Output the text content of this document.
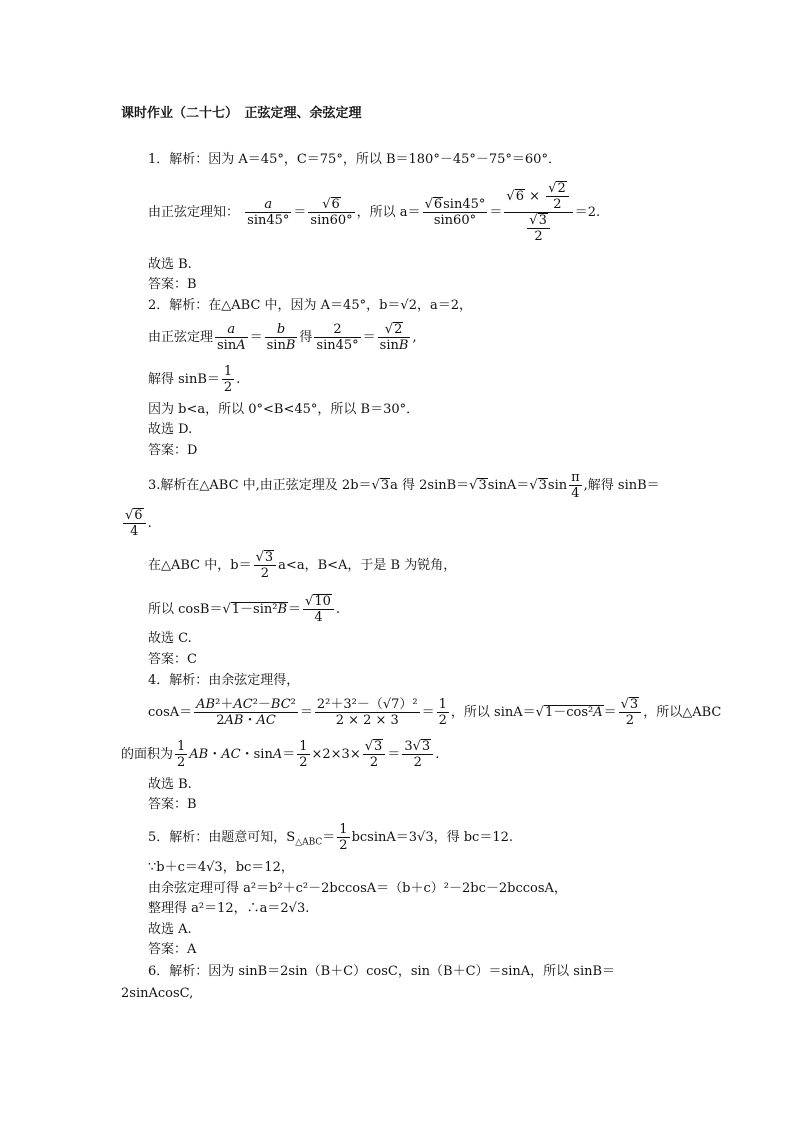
课时作业（二十七）　正弦定理、余弦定理
1．解析：因为 A＝45°，C＝75°，所以 B＝180°－45°－75°＝60°．
由正弦定理知： $\frac{a}{\sin 45^\circ} = \frac{√6}{\sin 60^\circ}$ ，所以 $a= \frac{√6\sin 45^\circ}{\sin 60^\circ} = \frac{√6 \times \frac{√2}{2}}{\frac{√3}{2}} =2$.
故选 B.
答案：B
2．解析：在△ABC 中，因为 A＝45°，b＝√2，a＝2，
由正弦定理 $\frac{a}{\sin A} = \frac{b}{\sin B}$ 得 $\frac{2}{\sin 45^\circ} = \frac{√2}{\sin B}$ ,
解得 $\sin B= \frac{1}{2}$ .
因为 b<a，所以 0°<B<45°，所以 B＝30°．
故选 D.
答案：D
3.解析在△ABC 中,由正弦定理及 2b＝√3a 得 $2\sin B=√3\sin A=√3\sin \frac{\pi}{4}$ ,解得 sinB＝
$\frac{√6}{4}$ .
在△ABC 中，$b= \frac{√3}{2} a<a$，B<A，于是 B 为锐角，
所以 $\cos B=√1-\sin^2B= \frac{√10}{4}$ .
故选 C.
答案：C
4．解析：由余弦定理得，
$\cos A= \frac{\text{AB²＋AC²－BC²}}{2AB・AC} = \frac{\text{2²＋3²－（√7）²}}{2 \times 2 \times 3} = \frac{1}{2}$ ，所以 $\sin A=√1-\cos^2A= \frac{√3}{2}$ ，所以△ABC
的面积为 $\frac{1}{2}$ AB・AC・$\sin A= \frac{1}{2} \times 2\times 3\times \frac{√3}{2} = \frac{3√3}{2}$ .
故选 B.
答案：B
5．解析：由题意可知，$S_{\triangle ABC}= \frac{1}{2} bcsinA=3√3$，得 bc＝12.
∵b＋c＝4√3，bc＝12，
由余弦定理可得 a²＝b²＋c²－2bccosA＝（b＋c）²－2bc－2bccosA，
整理得 a²＝12，∴a＝2√3.
故选 A.
答案：A
6．解析：因为 sinB＝2sin（B＋C）cosC，sin（B＋C）＝sinA，所以 sinB＝
2sinAcosC,
